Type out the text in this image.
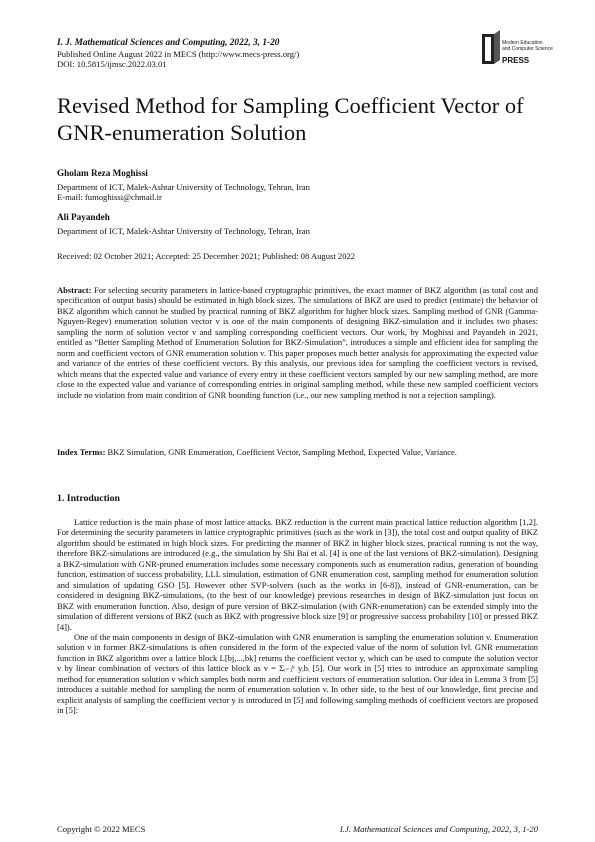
I. J. Mathematical Sciences and Computing, 2022, 3, 1-20
Published Online August 2022 in MECS (http://www.mecs-press.org/)
DOI: 10.5815/ijmsc.2022.03.01
Modern Education
and Computer Science
PRESS
Revised Method for Sampling Coefficient Vector of GNR-enumeration Solution
Gholam Reza Moghissi
Department of ICT, Malek-Ashtar University of Technology, Tehran, Iran
E-mail: fumoghissi@chmail.ir
Ali Payandeh
Department of ICT, Malek-Ashtar University of Technology, Tehran, Iran
Received: 02 October 2021; Accepted: 25 December 2021; Published: 08 August 2022
Abstract: For selecting security parameters in lattice-based cryptographic primitives, the exact manner of BKZ algorithm (as total cost and specification of output basis) should be estimated in high block sizes. The simulations of BKZ are used to predict (estimate) the behavior of BKZ algorithm which cannot be studied by practical running of BKZ algorithm for higher block sizes. Sampling method of GNR (Gamma-Nguyen-Regev) enumeration solution vector v is one of the main components of designing BKZ-simulation and it includes two phases: sampling the norm of solution vector v and sampling corresponding coefficient vectors. Our work, by Moghissi and Payandeh in 2021, entitled as “Better Sampling Method of Enumeration Solution for BKZ-Simulation”, introduces a simple and efficient idea for sampling the norm and coefficient vectors of GNR enumeration solution v. This paper proposes much better analysis for approximating the expected value and variance of the entries of these coefficient vectors. By this analysis, our previous idea for sampling the coefficient vectors is revised, which means that the expected value and variance of every entry in these coefficient vectors sampled by our new sampling method, are more close to the expected value and variance of corresponding entries in original sampling method, while these new sampled coefficient vectors include no violation from main condition of GNR bounding function (i.e., our new sampling method is not a rejection sampling).
Index Terms: BKZ Simulation, GNR Enumeration, Coefficient Vector, Sampling Method, Expected Value, Variance.
1. Introduction

Lattice reduction is the main phase of most lattice attacks. BKZ reduction is the current main practical lattice reduction algorithm [1,2]. For determining the security parameters in lattice cryptographic primitives (such as the work in [3]), the total cost and output quality of BKZ algorithm should be estimated in high block sizes. For predicting the manner of BKZ in higher block sizes, practical running is not the way, therefore BKZ-simulations are introduced (e.g., the simulation by Shi Bai et al. [4] is one of the last versions of BKZ-simulation). Designing a BKZ-simulation with GNR-pruned enumeration includes some necessary components such as enumeration radius, generation of bounding function, estimation of success probability, LLL simulation, estimation of GNR enumeration cost, sampling method for enumeration solution and simulation of updating GSO [5]. However other SVP-solvers (such as the works in [6-8]), instead of GNR-enumeration, can be considered in designing BKZ-simulations, (to the best of our knowledge) previous researches in design of BKZ-simulation just focus on BKZ with enumeration function. Also, design of pure version of BKZ-simulation (with GNR-enumeration) can be extended simply into the simulation of different versions of BKZ (such as BKZ with progressive block size [9] or progressive success probability [10] or pressed BKZ [4]).

One of the main components in design of BKZ-simulation with GNR enumeration is sampling the enumeration solution v. Enumeration solution v in former BKZ-simulations is often considered in the form of the expected value of the norm of solution ‖v‖. GNR enumeration function in BKZ algorithm over a lattice block L[bj,...,bk] returns the coefficient vector y, which can be used to compute the solution vector v by linear combination of vectors of this lattice block as v = Σᵢ₌ⱼᵏ yᵢbᵢ [5]. Our work in [5] tries to introduce an approximate sampling method for enumeration solution v which samples both norm and coefficient vectors of enumeration solution. Our idea in Lemma 3 from [5] introduces a suitable method for sampling the norm of enumeration solution v. In other side, to the best of our knowledge, first precise and explicit analysis of sampling the coefficient vector y is introduced in [5] and following sampling methods of coefficient vectors are proposed in [5]:

Copyright © 2022 MECS	I.J. Mathematical Sciences and Computing, 2022, 3, 1-20
